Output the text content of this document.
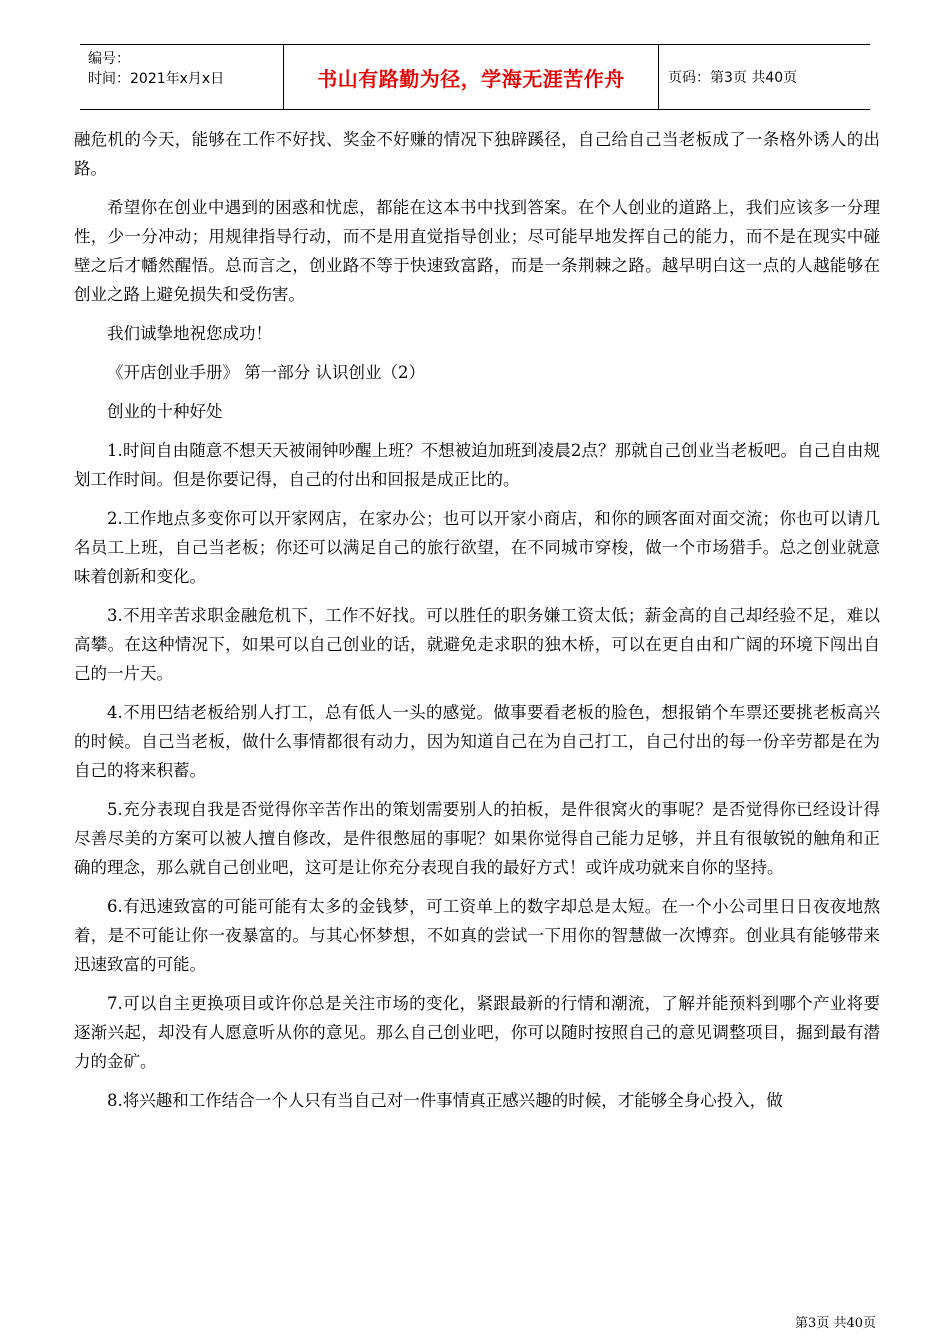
编号：
时间：2021年x月x日	书山有路勤为径，学海无涯苦作舟	页码：第3页 共40页

融危机的今天，能够在工作不好找、奖金不好赚的情况下独辟蹊径，自己给自己当老板成了一条格外诱人的出路。

希望你在创业中遇到的困惑和忧虑，都能在这本书中找到答案。在个人创业的道路上，我们应该多一分理性，少一分冲动；用规律指导行动，而不是用直觉指导创业；尽可能早地发挥自己的能力，而不是在现实中碰壁之后才幡然醒悟。总而言之，创业路不等于快速致富路，而是一条荆棘之路。越早明白这一点的人越能够在创业之路上避免损失和受伤害。

我们诚挚地祝您成功！

《开店创业手册》 第一部分 认识创业（2）

创业的十种好处

1.时间自由随意不想天天被闹钟吵醒上班？不想被迫加班到凌晨2点？那就自己创业当老板吧。自己自由规划工作时间。但是你要记得，自己的付出和回报是成正比的。

2.工作地点多变你可以开家网店，在家办公；也可以开家小商店，和你的顾客面对面交流；你也可以请几名员工上班，自己当老板；你还可以满足自己的旅行欲望，在不同城市穿梭，做一个市场猎手。总之创业就意味着创新和变化。

3.不用辛苦求职金融危机下，工作不好找。可以胜任的职务嫌工资太低；薪金高的自己却经验不足，难以高攀。在这种情况下，如果可以自己创业的话，就避免走求职的独木桥，可以在更自由和广阔的环境下闯出自己的一片天。

4.不用巴结老板给别人打工，总有低人一头的感觉。做事要看老板的脸色，想报销个车票还要挑老板高兴的时候。自己当老板，做什么事情都很有动力，因为知道自己在为自己打工，自己付出的每一份辛劳都是在为自己的将来积蓄。

5.充分表现自我是否觉得你辛苦作出的策划需要别人的拍板，是件很窝火的事呢？是否觉得你已经设计得尽善尽美的方案可以被人擅自修改，是件很憋屈的事呢？如果你觉得自己能力足够，并且有很敏锐的触角和正确的理念，那么就自己创业吧，这可是让你充分表现自我的最好方式！或许成功就来自你的坚持。

6.有迅速致富的可能可能有太多的金钱梦，可工资单上的数字却总是太短。在一个小公司里日日夜夜地熬着，是不可能让你一夜暴富的。与其心怀梦想，不如真的尝试一下用你的智慧做一次博弈。创业具有能够带来迅速致富的可能。

7.可以自主更换项目或许你总是关注市场的变化，紧跟最新的行情和潮流，了解并能预料到哪个产业将要逐渐兴起，却没有人愿意听从你的意见。那么自己创业吧，你可以随时按照自己的意见调整项目，掘到最有潜力的金矿。

8.将兴趣和工作结合一个人只有当自己对一件事情真正感兴趣的时候，才能够全身心投入，做

第3页 共40页
